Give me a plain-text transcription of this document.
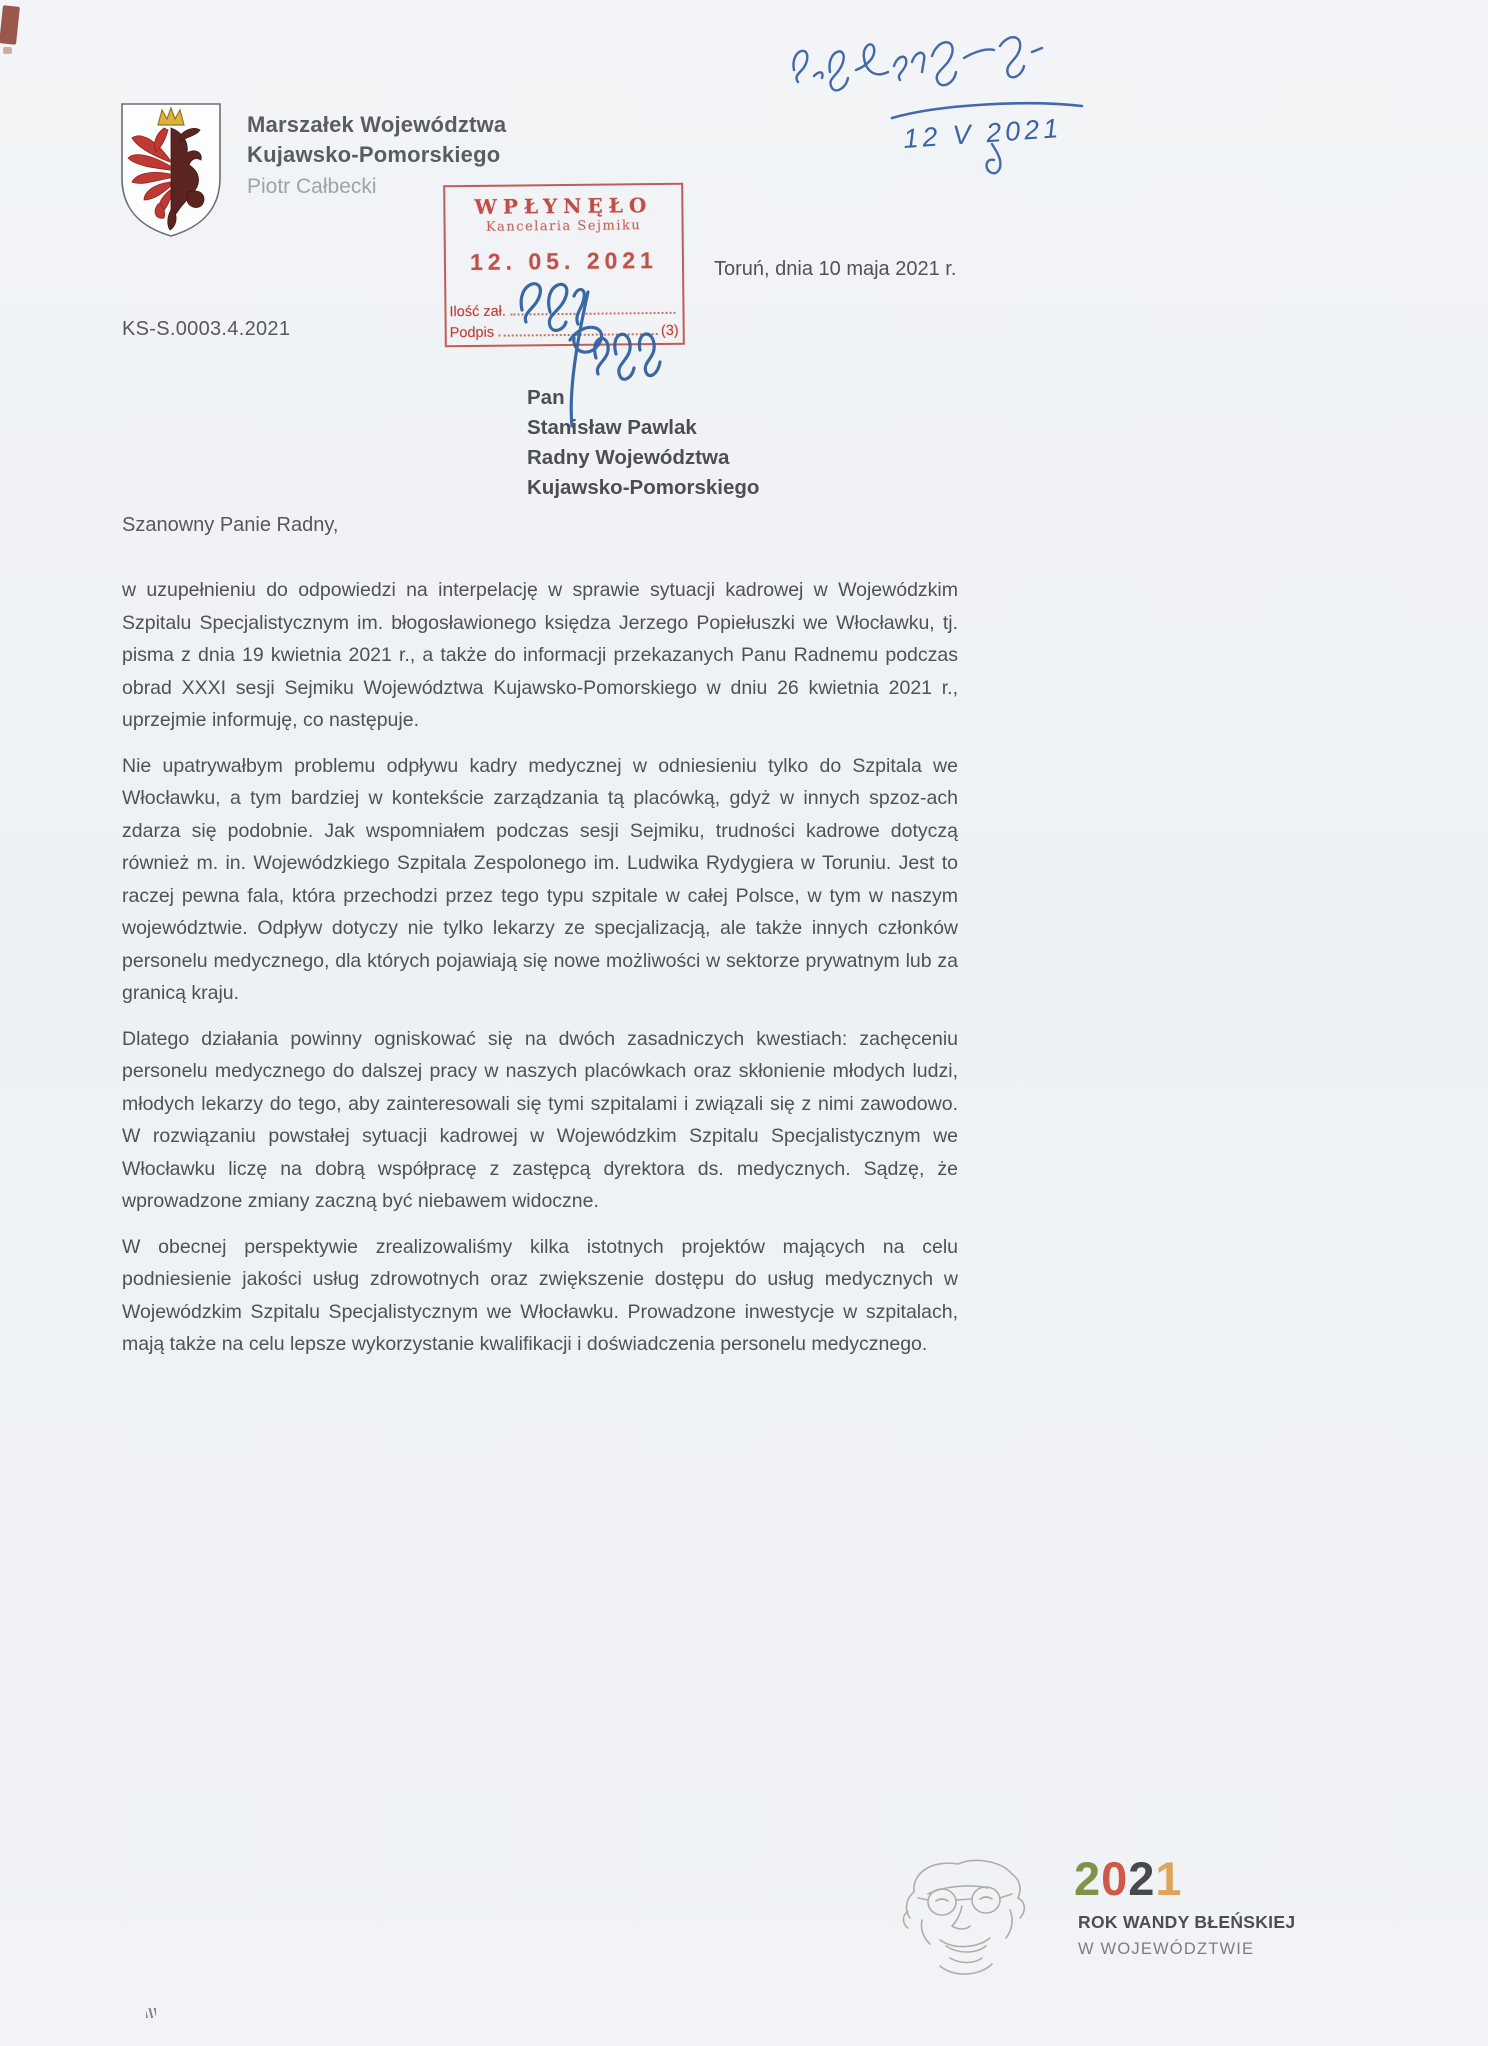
Marszałek Województwa
Kujawsko-Pomorskiego
Piotr Całbecki
WPŁYNĘŁO
Kancelaria Sejmiku
12. 05. 2021
Ilość zał.
Podpis	(3)
12 V 2021
Toruń, dnia 10 maja 2021 r.
KS-S.0003.4.2021
Pan
Stanisław Pawlak
Radny Województwa
Kujawsko-Pomorskiego
Szanowny Panie Radny,

w uzupełnieniu do odpowiedzi na interpelację w sprawie sytuacji kadrowej w Wojewódzkim Szpitalu Specjalistycznym im. błogosławionego księdza Jerzego Popiełuszki we Włocławku, tj. pisma z dnia 19 kwietnia 2021 r., a także do informacji przekazanych Panu Radnemu podczas obrad XXXI sesji Sejmiku Województwa Kujawsko-Pomorskiego w dniu 26 kwietnia 2021 r., uprzejmie informuję, co następuje.

Nie upatrywałbym problemu odpływu kadry medycznej w odniesieniu tylko do Szpitala we Włocławku, a tym bardziej w kontekście zarządzania tą placówką, gdyż w innych spzoz-ach zdarza się podobnie. Jak wspomniałem podczas sesji Sejmiku, trudności kadrowe dotyczą również m. in. Wojewódzkiego Szpitala Zespolonego im. Ludwika Rydygiera w Toruniu. Jest to raczej pewna fala, która przechodzi przez tego typu szpitale w całej Polsce, w tym w naszym województwie. Odpływ dotyczy nie tylko lekarzy ze specjalizacją, ale także innych członków personelu medycznego, dla których pojawiają się nowe możliwości w sektorze prywatnym lub za granicą kraju.

Dlatego działania powinny ogniskować się na dwóch zasadniczych kwestiach: zachęceniu personelu medycznego do dalszej pracy w naszych placówkach oraz skłonienie młodych ludzi, młodych lekarzy do tego, aby zainteresowali się tymi szpitalami i związali się z nimi zawodowo. W rozwiązaniu powstałej sytuacji kadrowej w Wojewódzkim Szpitalu Specjalistycznym we Włocławku liczę na dobrą współpracę z zastępcą dyrektora ds. medycznych. Sądzę, że wprowadzone zmiany zaczną być niebawem widoczne.

W obecnej perspektywie zrealizowaliśmy kilka istotnych projektów mających na celu podniesienie jakości usług zdrowotnych oraz zwiększenie dostępu do usług medycznych w Wojewódzkim Szpitalu Specjalistycznym we Włocławku. Prowadzone inwestycje w szpitalach, mają także na celu lepsze wykorzystanie kwalifikacji i doświadczenia personelu medycznego.

2021
ROK WANDY BŁEŃSKIEJ
W WOJEWÓDZTWIE
